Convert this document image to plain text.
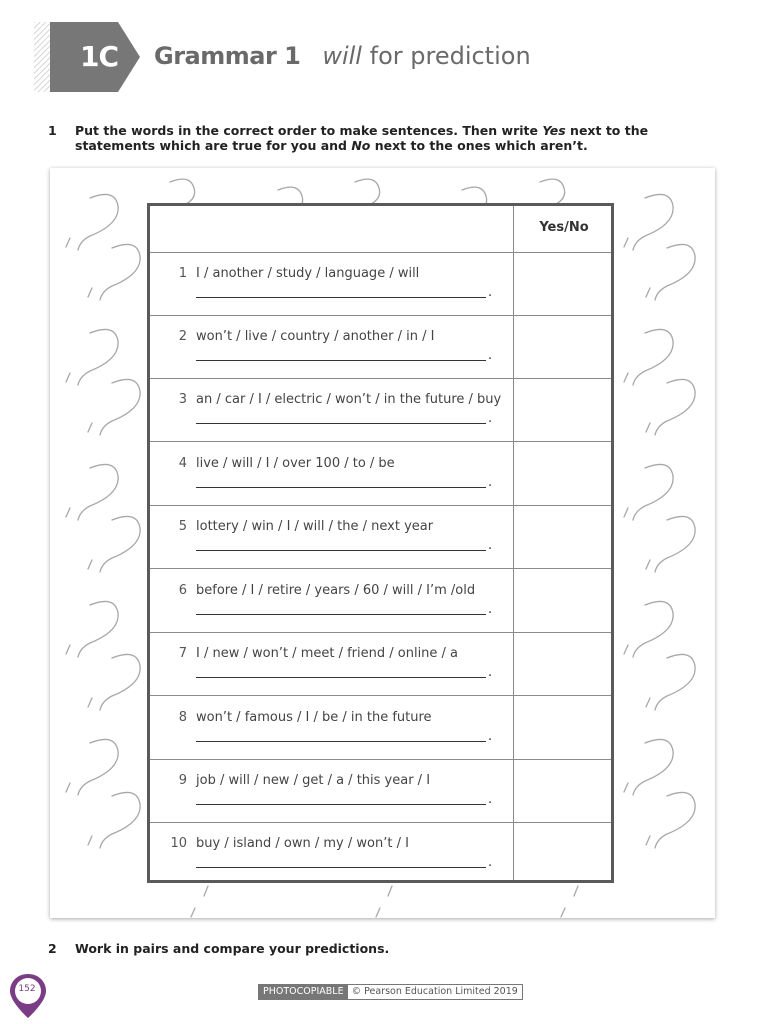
1C	Grammar 1 will for prediction
1 Put the words in the correct order to make sentences. Then write Yes next to the
statements which are true for you and No next to the ones which aren’t.
Yes/No
1 I / another / study / language / will
.
2 won’t / live / country / another / in / I
.
3 an / car / I / electric / won’t / in the future / buy
.
4 live / will / I / over 100 / to / be
.
5 lottery / win / I / will / the / next year
.
6 before / I / retire / years / 60 / will / I’m /old
.
7 I / new / won’t / meet / friend / online / a
.
8 won’t / famous / I / be / in the future
.
9 job / will / new / get / a / this year / I
.
10 buy / island / own / my / won’t / I
.
2 Work in pairs and compare your predictions.
PHOTOCOPIABLE © Pearson Education Limited 2019
152
